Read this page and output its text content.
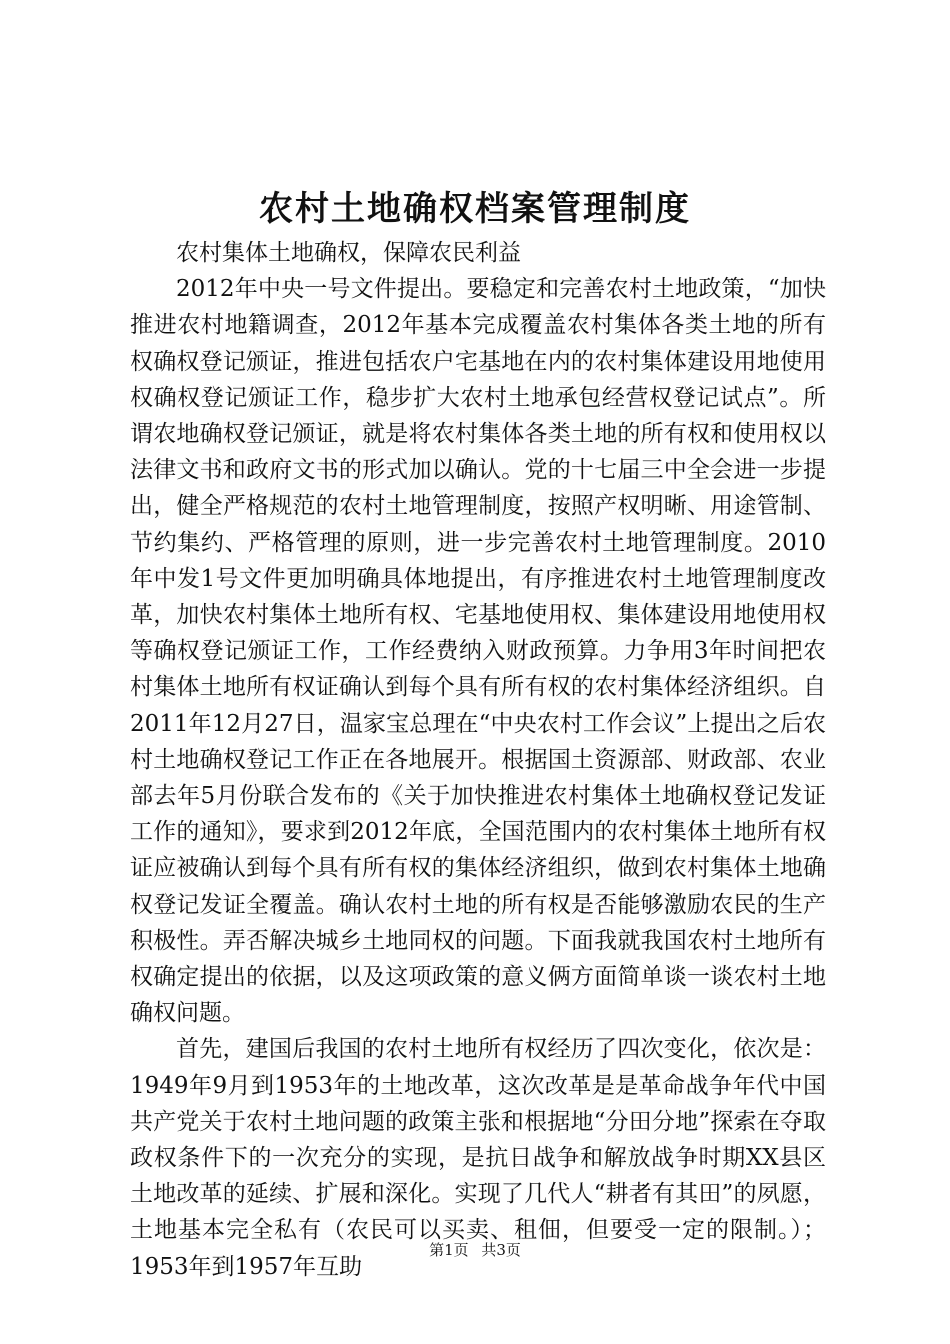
农村土地确权档案管理制度

农村集体土地确权，保障农民利益

2012年中央一号文件提出。要稳定和完善农村土地政策，“加快推进农村地籍调查，2012年基本完成覆盖农村集体各类土地的所有权确权登记颁证，推进包括农户宅基地在内的农村集体建设用地使用权确权登记颁证工作，稳步扩大农村土地承包经营权登记试点”。所谓农地确权登记颁证，就是将农村集体各类土地的所有权和使用权以法律文书和政府文书的形式加以确认。党的十七届三中全会进一步提出，健全严格规范的农村土地管理制度，按照产权明晰、用途管制、节约集约、严格管理的原则，进一步完善农村土地管理制度。2010年中发1号文件更加明确具体地提出，有序推进农村土地管理制度改革，加快农村集体土地所有权、宅基地使用权、集体建设用地使用权等确权登记颁证工作，工作经费纳入财政预算。力争用3年时间把农村集体土地所有权证确认到每个具有所有权的农村集体经济组织。自2011年12月27日，温家宝总理在“中央农村工作会议”上提出之后农村土地确权登记工作正在各地展开。根据国土资源部、财政部、农业部去年5月份联合发布的《关于加快推进农村集体土地确权登记发证工作的通知》，要求到2012年底，全国范围内的农村集体土地所有权证应被确认到每个具有所有权的集体经济组织，做到农村集体土地确权登记发证全覆盖。确认农村土地的所有权是否能够激励农民的生产积极性。弄否解决城乡土地同权的问题。下面我就我国农村土地所有权确定提出的依据，以及这项政策的意义俩方面简单谈一谈农村土地确权问题。

首先，建国后我国的农村土地所有权经历了四次变化，依次是：1949年9月到1953年的土地改革，这次改革是是革命战争年代中国共产党关于农村土地问题的政策主张和根据地“分田分地”探索在夺取政权条件下的一次充分的实现，是抗日战争和解放战争时期XX县区土地改革的延续、扩展和深化。实现了几代人“耕者有其田”的夙愿，土地基本完全私有（农民可以买卖、租佃，但要受一定的限制。）；1953年到1957年互助

第1页 共3页
